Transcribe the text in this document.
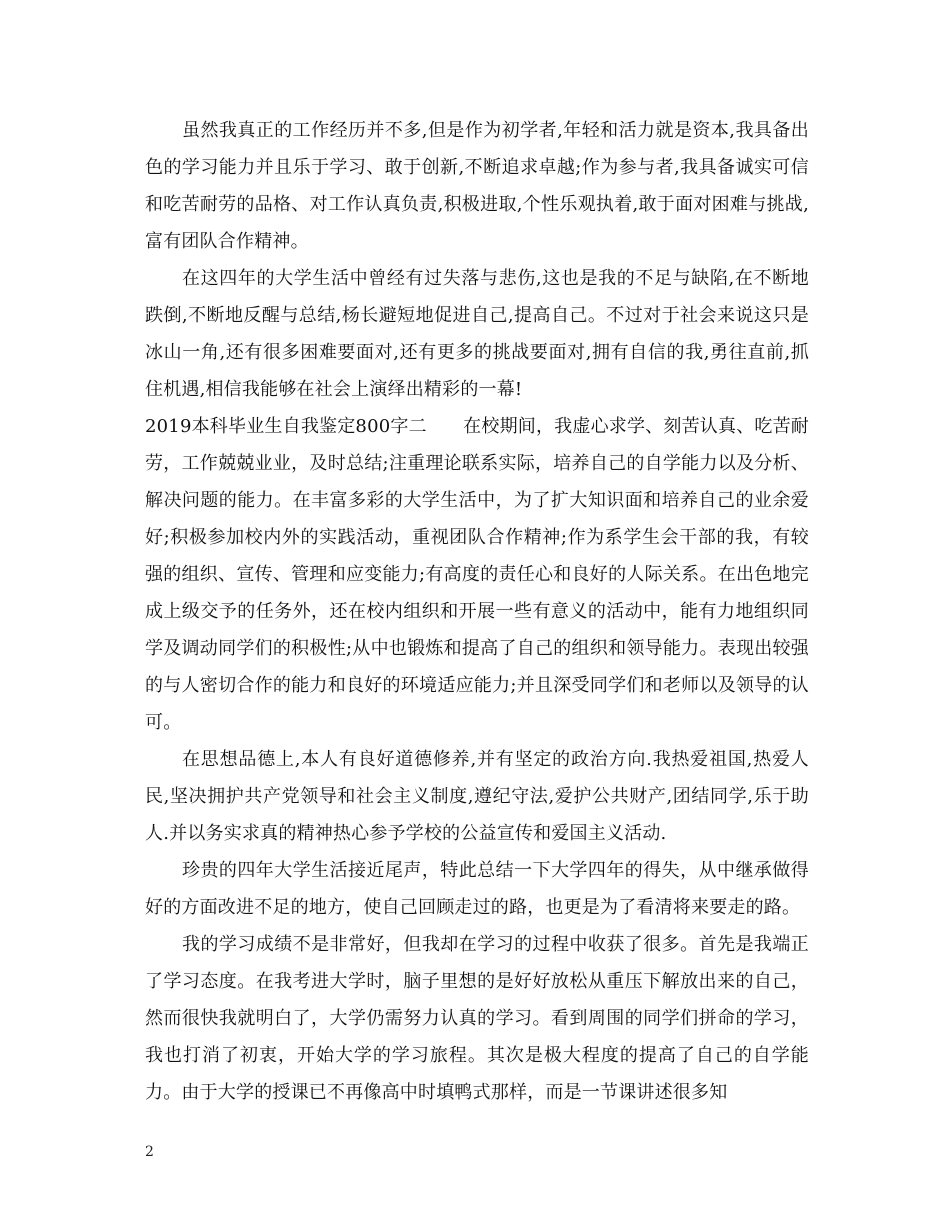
虽然我真正的工作经历并不多,但是作为初学者,年轻和活力就是资本,我具备出色的学习能力并且乐于学习、敢于创新,不断追求卓越;作为参与者,我具备诚实可信和吃苦耐劳的品格、对工作认真负责,积极进取,个性乐观执着,敢于面对困难与挑战,富有团队合作精神。

在这四年的大学生活中曾经有过失落与悲伤,这也是我的不足与缺陷,在不断地跌倒,不断地反醒与总结,杨长避短地促进自己,提高自己。不过对于社会来说这只是冰山一角,还有很多困难要面对,还有更多的挑战要面对,拥有自信的我,勇往直前,抓住机遇,相信我能够在社会上演绎出精彩的一幕!

2019本科毕业生自我鉴定800字二　　在校期间，我虚心求学、刻苦认真、吃苦耐劳，工作兢兢业业，及时总结;注重理论联系实际，培养自己的自学能力以及分析、解决问题的能力。在丰富多彩的大学生活中，为了扩大知识面和培养自己的业余爱好;积极参加校内外的实践活动，重视团队合作精神;作为系学生会干部的我，有较强的组织、宣传、管理和应变能力;有高度的责任心和良好的人际关系。在出色地完成上级交予的任务外，还在校内组织和开展一些有意义的活动中，能有力地组织同学及调动同学们的积极性;从中也锻炼和提高了自己的组织和领导能力。表现出较强的与人密切合作的能力和良好的环境适应能力;并且深受同学们和老师以及领导的认可。

在思想品德上,本人有良好道德修养,并有坚定的政治方向.我热爱祖国,热爱人民,坚决拥护共产党领导和社会主义制度,遵纪守法,爱护公共财产,团结同学,乐于助人.并以务实求真的精神热心参予学校的公益宣传和爱国主义活动.

珍贵的四年大学生活接近尾声，特此总结一下大学四年的得失，从中继承做得好的方面改进不足的地方，使自己回顾走过的路，也更是为了看清将来要走的路。

我的学习成绩不是非常好，但我却在学习的过程中收获了很多。首先是我端正了学习态度。在我考进大学时，脑子里想的是好好放松从重压下解放出来的自己，然而很快我就明白了，大学仍需努力认真的学习。看到周围的同学们拼命的学习，我也打消了初衷，开始大学的学习旅程。其次是极大程度的提高了自己的自学能力。由于大学的授课已不再像高中时填鸭式那样，而是一节课讲述很多知

2
